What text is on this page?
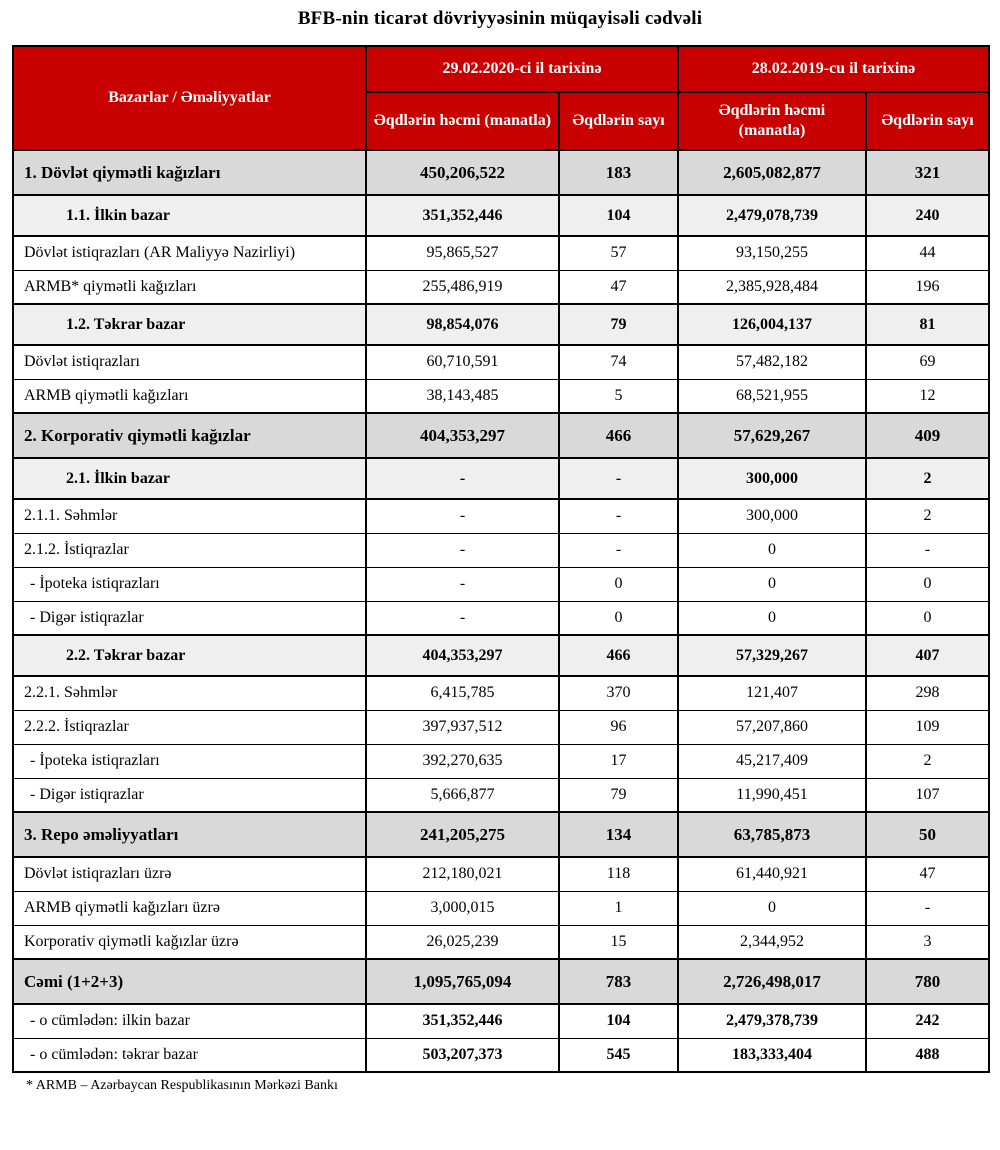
BFB-nin ticarət dövriyyəsinin müqayisəli cədvəli
Bazarlar / Əməliyyatlar	29.02.2020-ci il tarixinə		28.02.2019-cu il tarixinə	
	Əqdlərin həcmi (manatla)	Əqdlərin sayı	Əqdlərin həcmi (manatla)	Əqdlərin sayı
1. Dövlət qiymətli kağızları	450,206,522	183	2,605,082,877	321
1.1. İlkin bazar	351,352,446	104	2,479,078,739	240
Dövlət istiqrazları (AR Maliyyə Nazirliyi)	95,865,527	57	93,150,255	44
ARMB* qiymətli kağızları	255,486,919	47	2,385,928,484	196
1.2. Təkrar bazar	98,854,076	79	126,004,137	81
Dövlət istiqrazları	60,710,591	74	57,482,182	69
ARMB qiymətli kağızları	38,143,485	5	68,521,955	12
2. Korporativ qiymətli kağızlar	404,353,297	466	57,629,267	409
2.1. İlkin bazar	-	-	300,000	2
2.1.1. Səhmlər	-	-	300,000	2
2.1.2. İstiqrazlar	-	-	0	-
- İpoteka istiqrazları	-	0	0	0
- Digər istiqrazlar	-	0	0	0
2.2. Təkrar bazar	404,353,297	466	57,329,267	407
2.2.1. Səhmlər	6,415,785	370	121,407	298
2.2.2. İstiqrazlar	397,937,512	96	57,207,860	109
- İpoteka istiqrazları	392,270,635	17	45,217,409	2
- Digər istiqrazlar	5,666,877	79	11,990,451	107
3. Repo əməliyyatları	241,205,275	134	63,785,873	50
Dövlət istiqrazları üzrə	212,180,021	118	61,440,921	47
ARMB qiymətli kağızları üzrə	3,000,015	1	0	-
Korporativ qiymətli kağızlar üzrə	26,025,239	15	2,344,952	3
Cəmi (1+2+3)	1,095,765,094	783	2,726,498,017	780
- o cümlədən: ilkin bazar	351,352,446	104	2,479,378,739	242
- o cümlədən: təkrar bazar	503,207,373	545	183,333,404	488
* ARMB – Azərbaycan Respublikasının Mərkəzi Bankı
